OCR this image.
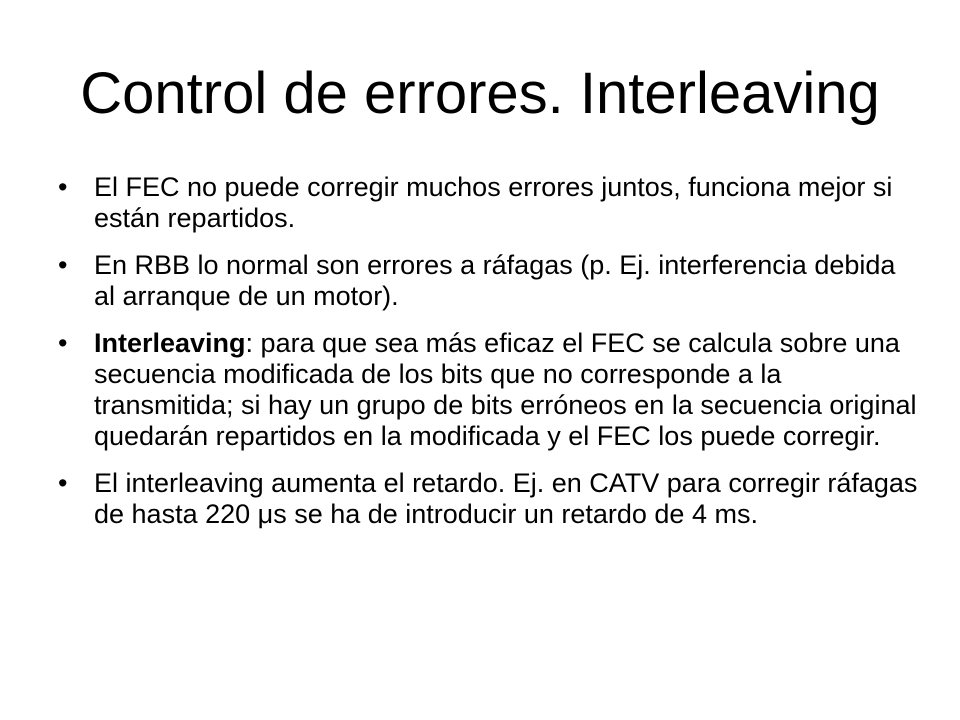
Control de errores. Interleaving
• El FEC no puede corregir muchos errores juntos, funciona mejor si están repartidos.
• En RBB lo normal son errores a ráfagas (p. Ej. interferencia debida al arranque de un motor).
• Interleaving: para que sea más eficaz el FEC se calcula sobre una secuencia modificada de los bits que no corresponde a la transmitida; si hay un grupo de bits erróneos en la secuencia original quedarán repartidos en la modificada y el FEC los puede corregir.
• El interleaving aumenta el retardo. Ej. en CATV para corregir ráfagas de hasta 220 μs se ha de introducir un retardo de 4 ms.
